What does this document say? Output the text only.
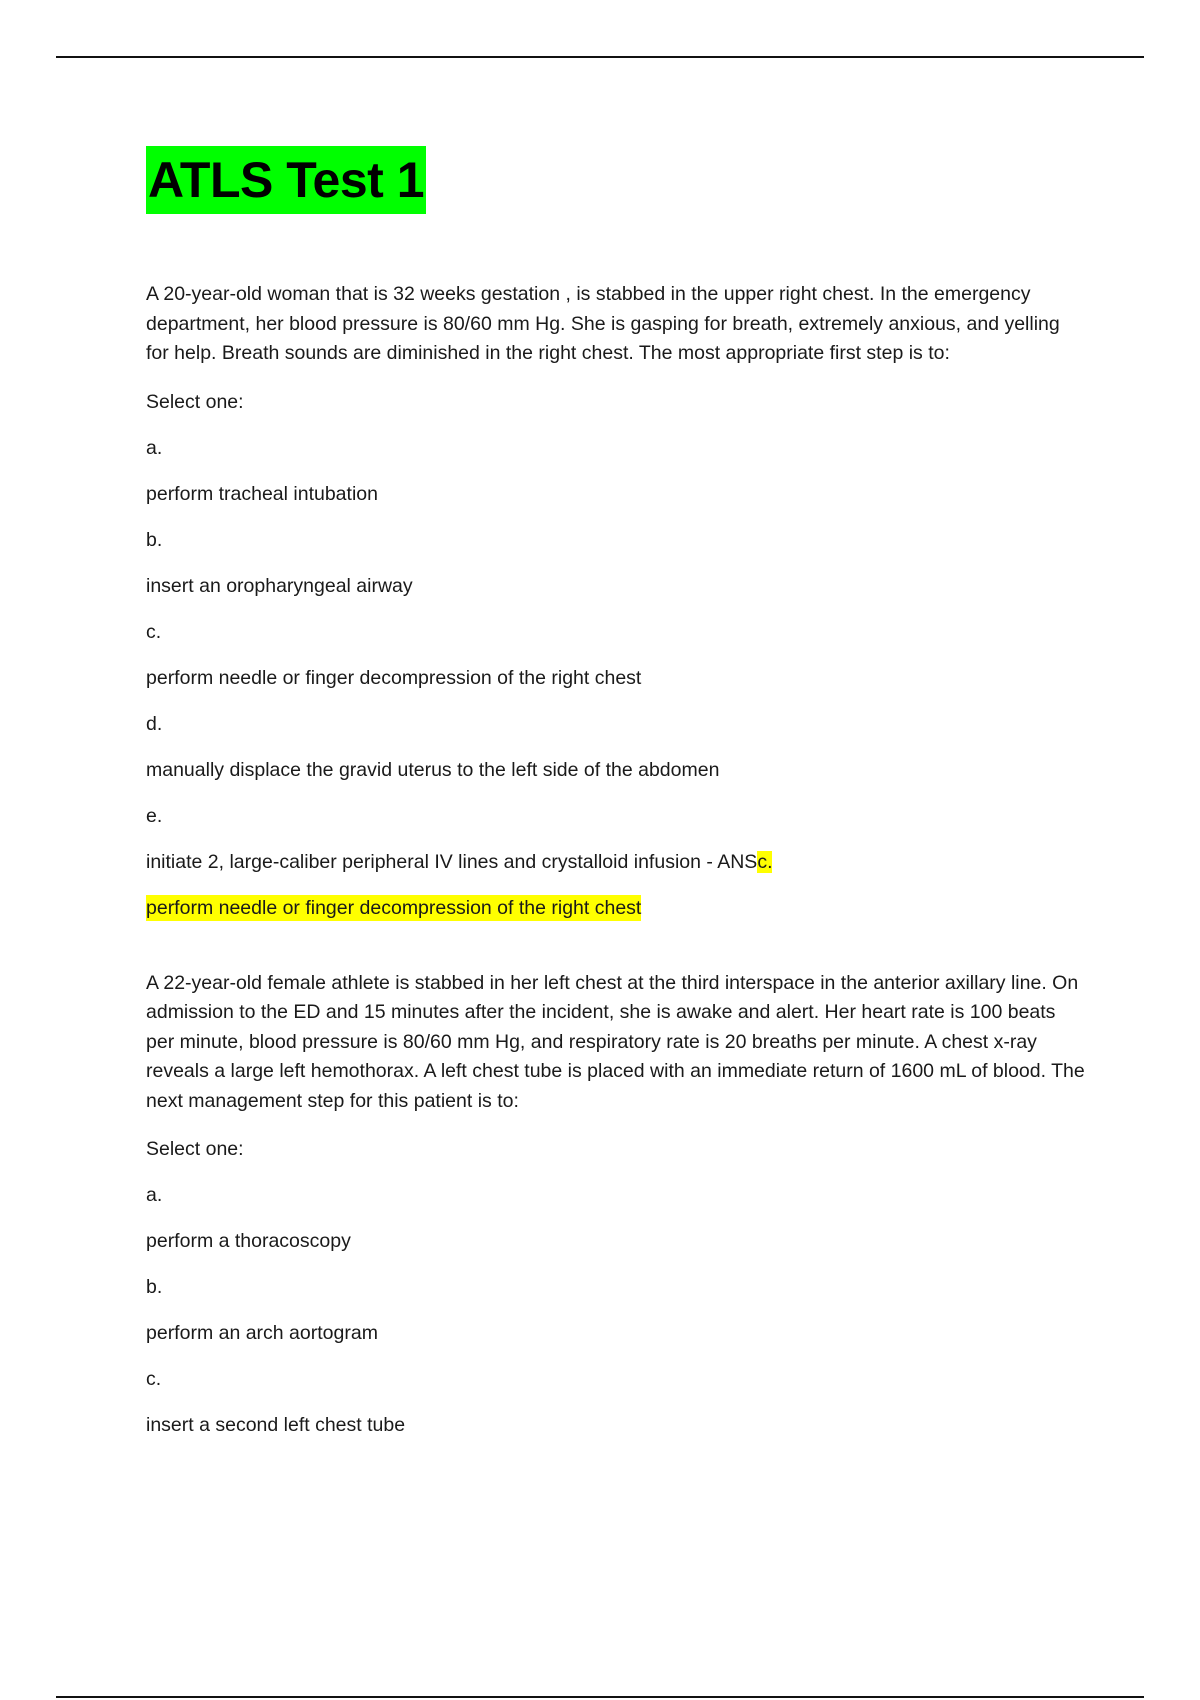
ATLS Test 1

A 20-year-old woman that is 32 weeks gestation , is stabbed in the upper right chest. In the emergency department, her blood pressure is 80/60 mm Hg. She is gasping for breath, extremely anxious, and yelling for help. Breath sounds are diminished in the right chest. The most appropriate first step is to:

Select one:

a.

perform tracheal intubation

b.

insert an oropharyngeal airway

c.

perform needle or finger decompression of the right chest

d.

manually displace the gravid uterus to the left side of the abdomen

e.

initiate 2, large-caliber peripheral IV lines and crystalloid infusion - ANSc.

perform needle or finger decompression of the right chest

A 22-year-old female athlete is stabbed in her left chest at the third interspace in the anterior axillary line. On admission to the ED and 15 minutes after the incident, she is awake and alert. Her heart rate is 100 beats per minute, blood pressure is 80/60 mm Hg, and respiratory rate is 20 breaths per minute. A chest x-ray reveals a large left hemothorax. A left chest tube is placed with an immediate return of 1600 mL of blood. The next management step for this patient is to:

Select one:

a.

perform a thoracoscopy

b.

perform an arch aortogram

c.

insert a second left chest tube
